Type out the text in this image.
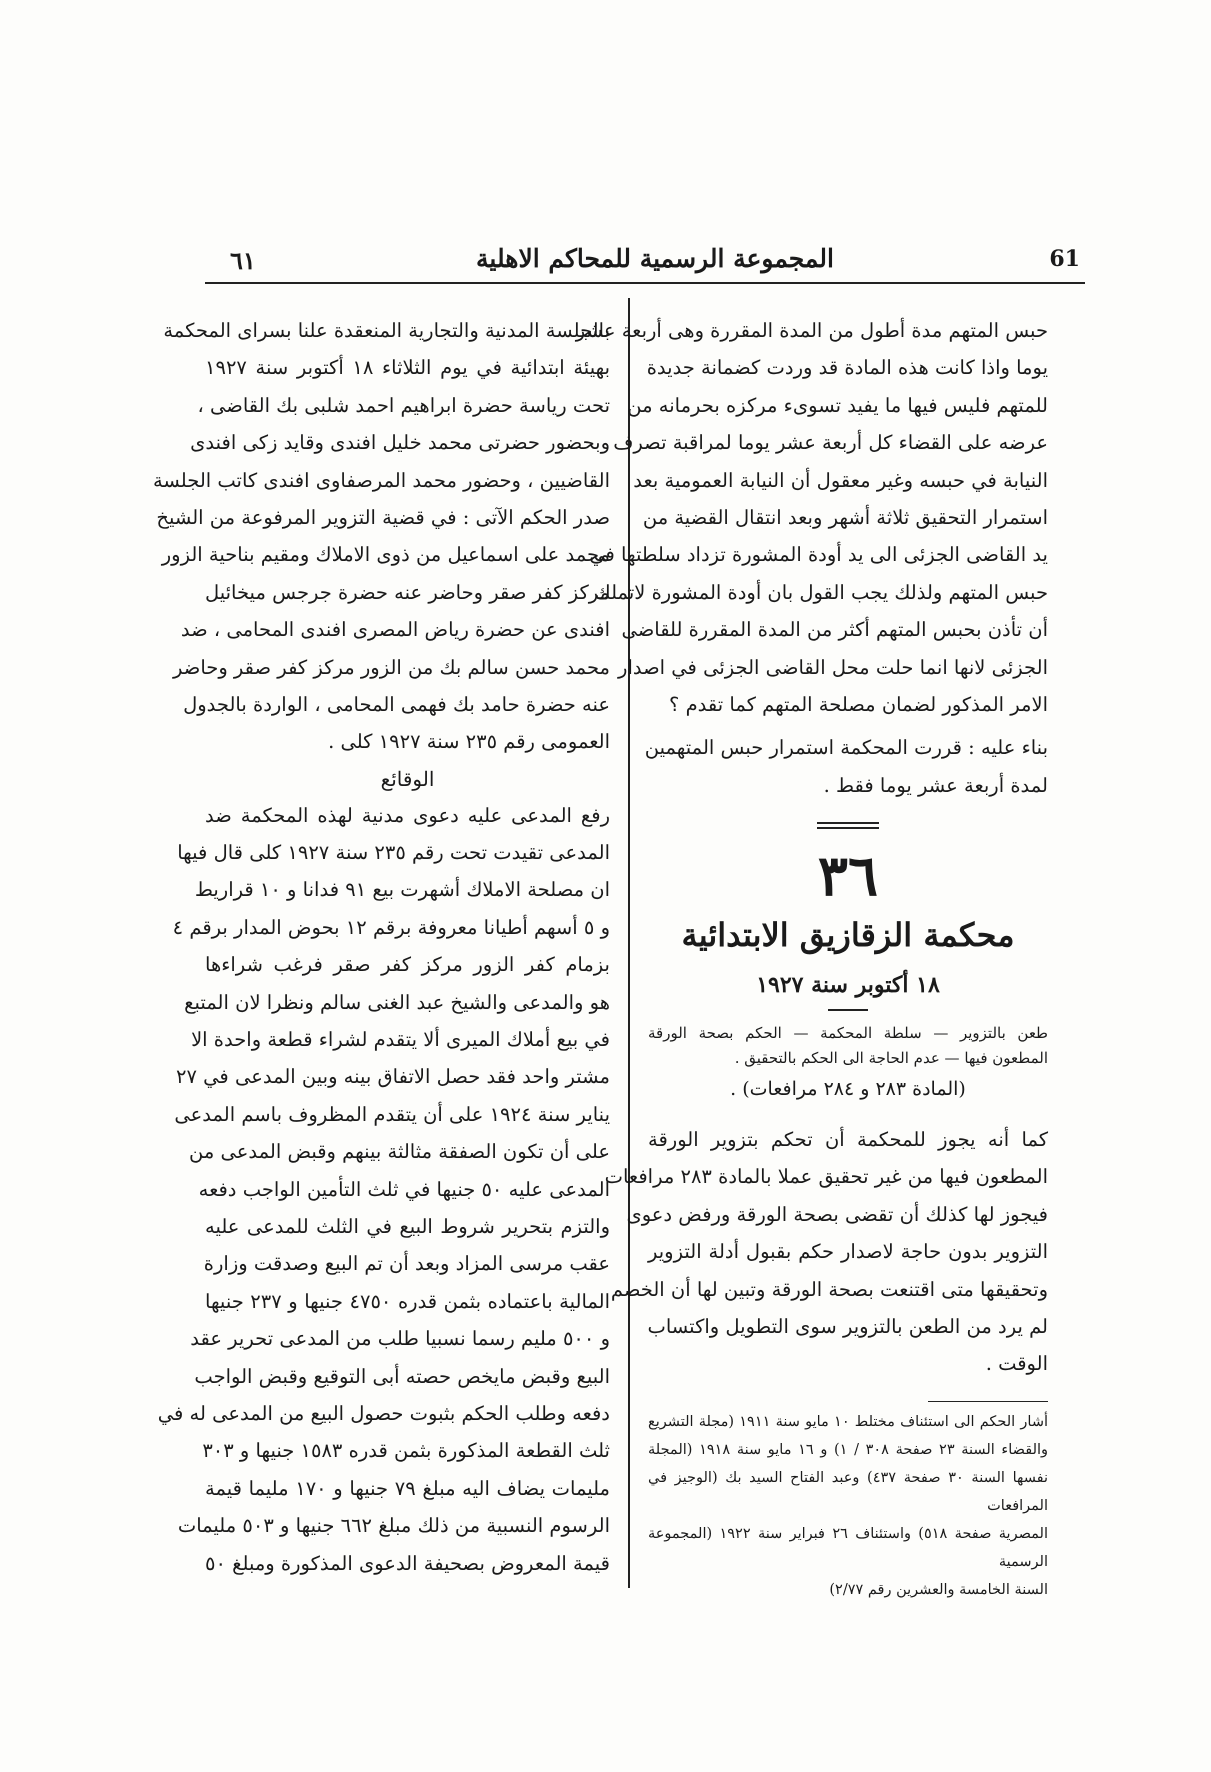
٦١	المجموعة الرسمية للمحاكم الاهلية	61
حبس المتهم مدة أطول من المدة المقررة وهى أربعة عشر
يوما واذا كانت هذه المادة قد وردت كضمانة جديدة
للمتهم فليس فيها ما يفيد تسوىء مركزه بحرمانه من
عرضه على القضاء كل أربعة عشر يوما لمراقبة تصرف
النيابة في حبسه وغير معقول أن النيابة العمومية بعد
استمرار التحقيق ثلاثة أشهر وبعد انتقال القضية من
يد القاضى الجزئى الى يد أودة المشورة تزداد سلطتها في
حبس المتهم ولذلك يجب القول بان أودة المشورة لاتملك
أن تأذن بحبس المتهم أكثر من المدة المقررة للقاضى
الجزئى لانها انما حلت محل القاضى الجزئى في اصدار
الامر المذكور لضمان مصلحة المتهم كما تقدم ؟
بناء عليه : قررت المحكمة استمرار حبس المتهمين
لمدة أربعة عشر يوما فقط .
٣٦
محكمة الزقازيق الابتدائية
١٨ أكتوبر سنة ١٩٢٧
طعن بالتزوير — سلطة المحكمة — الحكم بصحة الورقة المطعون فيها — عدم الحاجة الى الحكم بالتحقيق .
(المادة ٢٨٣ و ٢٨٤ مرافعات) .
كما أنه يجوز للمحكمة أن تحكم بتزوير الورقة
المطعون فيها من غير تحقيق عملا بالمادة ٢٨٣ مرافعات
فيجوز لها كذلك أن تقضى بصحة الورقة ورفض دعوى
التزوير بدون حاجة لاصدار حكم بقبول أدلة التزوير
وتحقيقها متى اقتنعت بصحة الورقة وتبين لها أن الخصم
لم يرد من الطعن بالتزوير سوى التطويل واكتساب
الوقت .
أشار الحكم الى استئناف مختلط ١٠ مايو سنة ١٩١١ (مجلة التشريع
والقضاء السنة ٢٣ صفحة ٣٠٨ / ١) و ١٦ مايو سنة ١٩١٨ (المجلة
نفسها السنة ٣٠ صفحة ٤٣٧) وعبد الفتاح السيد بك (الوجيز في المرافعات
المصرية صفحة ٥١٨) واستئناف ٢٦ فبراير سنة ١٩٢٢ (المجموعة الرسمية
السنة الخامسة والعشرين رقم ٢/٧٧)
بالجلسة المدنية والتجارية المنعقدة علنا بسراى المحكمة
بهيئة ابتدائية في يوم الثلاثاء ١٨ أكتوبر سنة ١٩٢٧
تحت رياسة حضرة ابراهيم احمد شلبى بك القاضى ،
وبحضور حضرتى محمد خليل افندى وقايد زكى افندى
القاضيين ، وحضور محمد المرصفاوى افندى كاتب الجلسة
صدر الحكم الآتى : في قضية التزوير المرفوعة من الشيخ
محمد على اسماعيل من ذوى الاملاك ومقيم بناحية الزور
مركز كفر صقر وحاضر عنه حضرة جرجس ميخائيل
افندى عن حضرة رياض المصرى افندى المحامى ، ضد
محمد حسن سالم بك من الزور مركز كفر صقر وحاضر
عنه حضرة حامد بك فهمى المحامى ، الواردة بالجدول
العمومى رقم ٢٣٥ سنة ١٩٢٧ كلى .
الوقائع
رفع المدعى عليه دعوى مدنية لهذه المحكمة ضد
المدعى تقيدت تحت رقم ٢٣٥ سنة ١٩٢٧ كلى قال فيها
ان مصلحة الاملاك أشهرت بيع ٩١ فدانا و ١٠ قراريط
و ٥ أسهم أطيانا معروفة برقم ١٢ بحوض المدار برقم ٤
بزمام كفر الزور مركز كفر صقر فرغب شراءها
هو والمدعى والشيخ عبد الغنى سالم ونظرا لان المتبع
في بيع أملاك الميرى ألا يتقدم لشراء قطعة واحدة الا
مشتر واحد فقد حصل الاتفاق بينه وبين المدعى في ٢٧
يناير سنة ١٩٢٤ على أن يتقدم المظروف باسم المدعى
على أن تكون الصفقة مثالثة بينهم وقبض المدعى من
المدعى عليه ٥٠ جنيها في ثلث التأمين الواجب دفعه
والتزم بتحرير شروط البيع في الثلث للمدعى عليه
عقب مرسى المزاد وبعد أن تم البيع وصدقت وزارة
المالية باعتماده بثمن قدره ٤٧٥٠ جنيها و ٢٣٧ جنيها
و ٥٠٠ مليم رسما نسبيا طلب من المدعى تحرير عقد
البيع وقبض مايخص حصته أبى التوقيع وقبض الواجب
دفعه وطلب الحكم بثبوت حصول البيع من المدعى له في
ثلث القطعة المذكورة بثمن قدره ١٥٨٣ جنيها و ٣٠٣
مليمات يضاف اليه مبلغ ٧٩ جنيها و ١٧٠ مليما قيمة
الرسوم النسبية من ذلك مبلغ ٦٦٢ جنيها و ٥٠٣ مليمات
قيمة المعروض بصحيفة الدعوى المذكورة ومبلغ ٥٠
